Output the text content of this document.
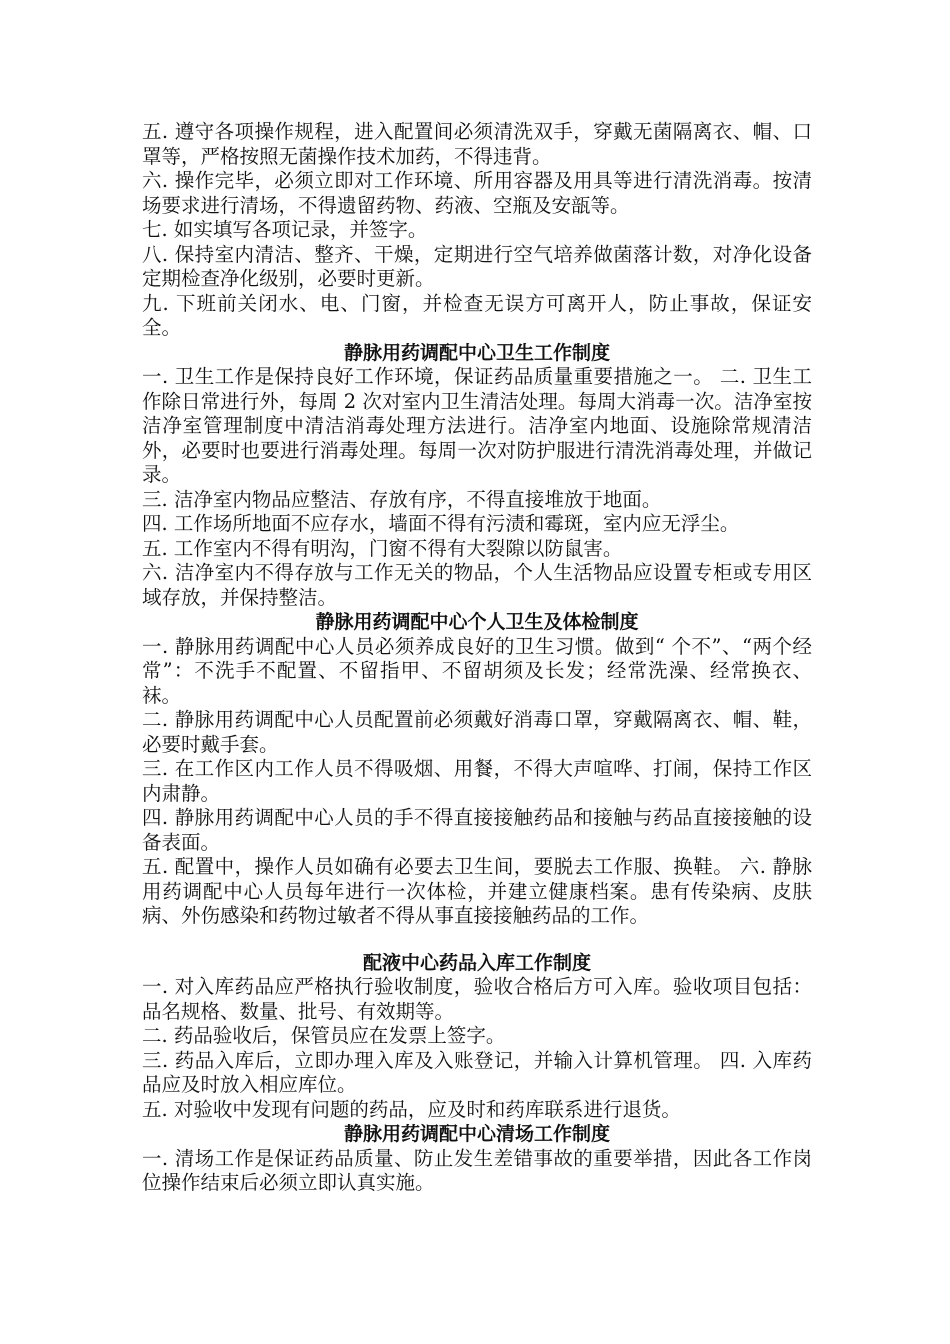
五. 遵守各项操作规程，进入配置间必须清洗双手，穿戴无菌隔离衣、帽、口罩等，严格按照无菌操作技术加药，不得违背。

六. 操作完毕，必须立即对工作环境、所用容器及用具等进行清洗消毒。按清场要求进行清场，不得遗留药物、药液、空瓶及安瓿等。

七. 如实填写各项记录，并签字。

八. 保持室内清洁、整齐、干燥，定期进行空气培养做菌落计数，对净化设备定期检查净化级别，必要时更新。

九. 下班前关闭水、电、门窗，并检查无误方可离开人，防止事故，保证安全。

静脉用药调配中心卫生工作制度

一. 卫生工作是保持良好工作环境，保证药品质量重要措施之一。 二. 卫生工作除日常进行外，每周 2 次对室内卫生清洁处理。每周大消毒一次。洁净室按洁净室管理制度中清洁消毒处理方法进行。洁净室内地面、设施除常规清洁外，必要时也要进行消毒处理。每周一次对防护服进行清洗消毒处理，并做记录。

三. 洁净室内物品应整洁、存放有序，不得直接堆放于地面。

四. 工作场所地面不应存水，墙面不得有污渍和霉斑，室内应无浮尘。

五. 工作室内不得有明沟，门窗不得有大裂隙以防鼠害。

六. 洁净室内不得存放与工作无关的物品，个人生活物品应设置专柜或专用区域存放，并保持整洁。

静脉用药调配中心个人卫生及体检制度

一. 静脉用药调配中心人员必须养成良好的卫生习惯。做到“ 个不”、“两个经常”：不洗手不配置、不留指甲、不留胡须及长发；经常洗澡、经常换衣、袜。

二. 静脉用药调配中心人员配置前必须戴好消毒口罩，穿戴隔离衣、帽、鞋，必要时戴手套。

三. 在工作区内工作人员不得吸烟、用餐，不得大声喧哗、打闹，保持工作区内肃静。

四. 静脉用药调配中心人员的手不得直接接触药品和接触与药品直接接触的设备表面。

五. 配置中，操作人员如确有必要去卫生间，要脱去工作服、换鞋。 六. 静脉用药调配中心人员每年进行一次体检，并建立健康档案。患有传染病、皮肤病、外伤感染和药物过敏者不得从事直接接触药品的工作。

配液中心药品入库工作制度

一. 对入库药品应严格执行验收制度，验收合格后方可入库。验收项目包括：品名规格、数量、批号、有效期等。

二. 药品验收后，保管员应在发票上签字。

三. 药品入库后，立即办理入库及入账登记，并输入计算机管理。 四. 入库药品应及时放入相应库位。

五. 对验收中发现有问题的药品，应及时和药库联系进行退货。

静脉用药调配中心清场工作制度

一. 清场工作是保证药品质量、防止发生差错事故的重要举措，因此各工作岗位操作结束后必须立即认真实施。
